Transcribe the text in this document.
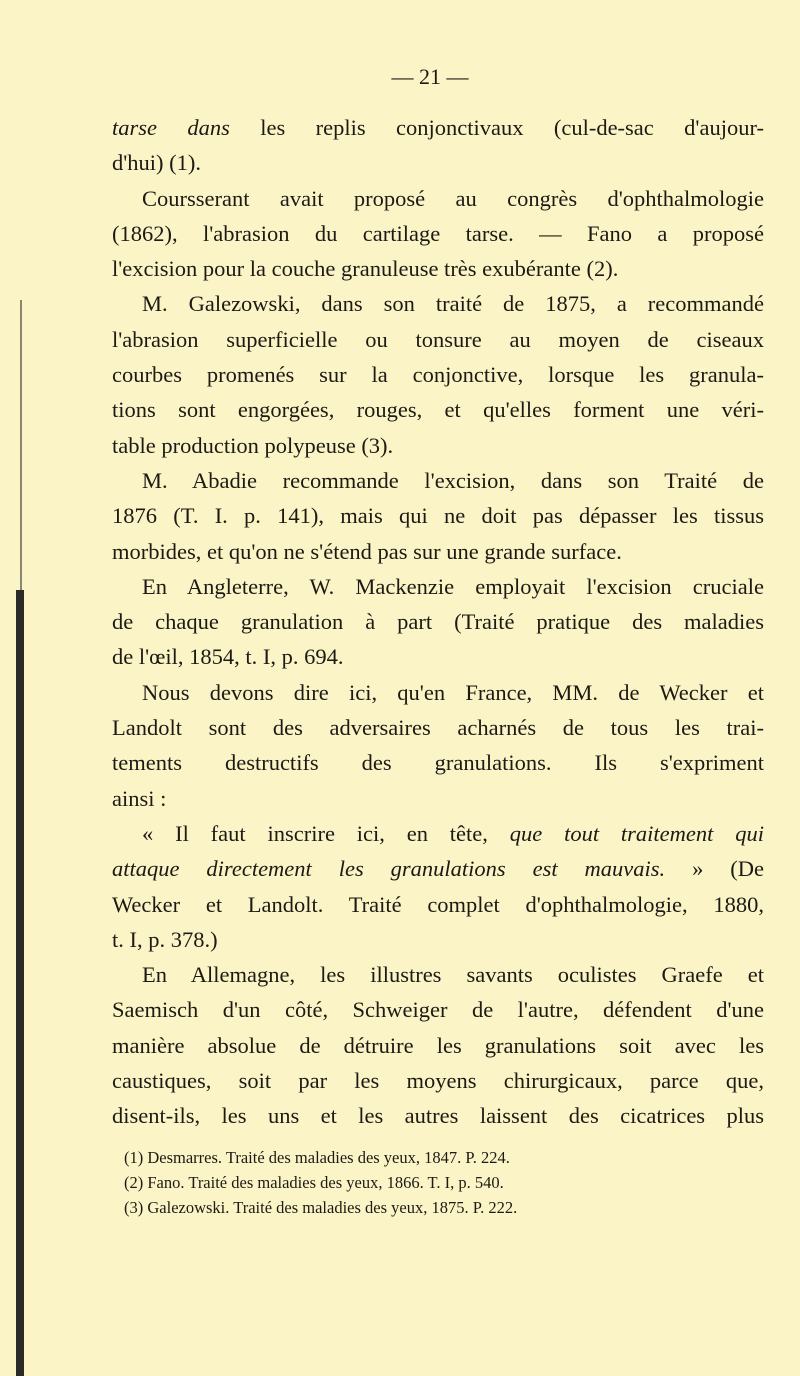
— 21 —
tarse dans les replis conjonctivaux (cul-de-sac d'aujour-
d'hui) (1).
Coursserant avait proposé au congrès d'ophthalmologie
(1862), l'abrasion du cartilage tarse. — Fano a proposé
l'excision pour la couche granuleuse très exubérante (2).
M. Galezowski, dans son traité de 1875, a recommandé
l'abrasion superficielle ou tonsure au moyen de ciseaux
courbes promenés sur la conjonctive, lorsque les granula-
tions sont engorgées, rouges, et qu'elles forment une véri-
table production polypeuse (3).
M. Abadie recommande l'excision, dans son Traité de
1876 (T. I. p. 141), mais qui ne doit pas dépasser les tissus
morbides, et qu'on ne s'étend pas sur une grande surface.
En Angleterre, W. Mackenzie employait l'excision cruciale
de chaque granulation à part (Traité pratique des maladies
de l'œil, 1854, t. I, p. 694.
Nous devons dire ici, qu'en France, MM. de Wecker et
Landolt sont des adversaires acharnés de tous les trai-
tements destructifs des granulations. Ils s'expriment
ainsi :
« Il faut inscrire ici, en tête, que tout traitement qui
attaque directement les granulations est mauvais. » (De
Wecker et Landolt. Traité complet d'ophthalmologie, 1880,
t. I, p. 378.)
En Allemagne, les illustres savants oculistes Graefe et
Saemisch d'un côté, Schweiger de l'autre, défendent d'une
manière absolue de détruire les granulations soit avec les
caustiques, soit par les moyens chirurgicaux, parce que,
disent-ils, les uns et les autres laissent des cicatrices plus
(1) Desmarres. Traité des maladies des yeux, 1847. P. 224.
(2) Fano. Traité des maladies des yeux, 1866. T. I, p. 540.
(3) Galezowski. Traité des maladies des yeux, 1875. P. 222.
